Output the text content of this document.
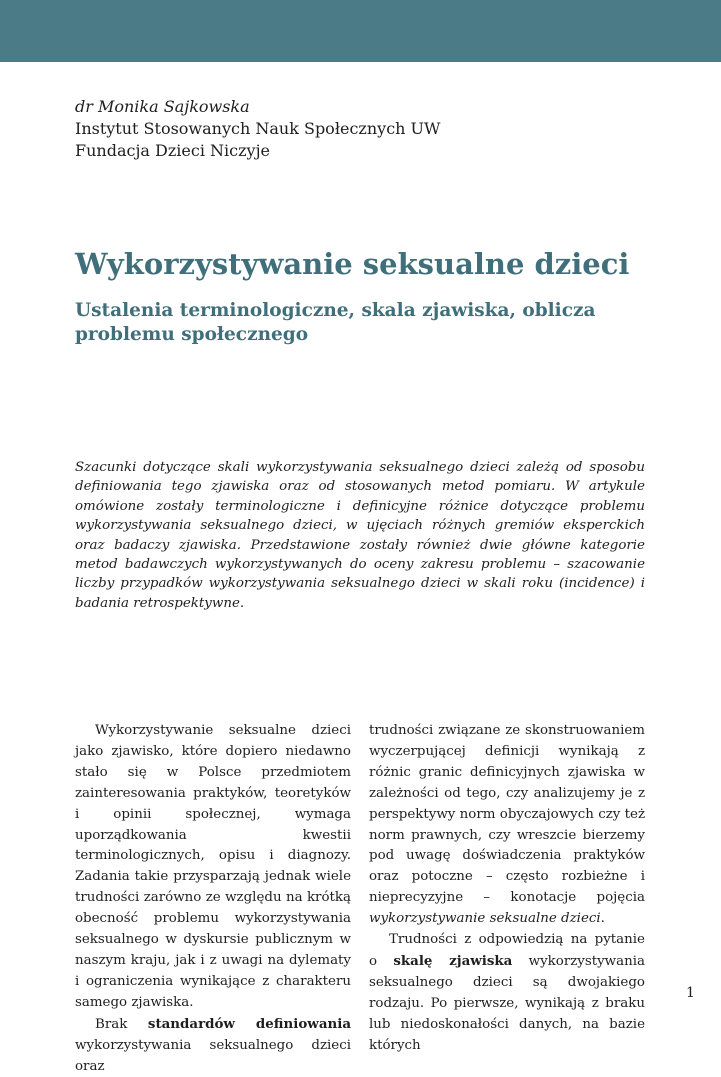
dr Monika Sajkowska
Instytut Stosowanych Nauk Społecznych UW
Fundacja Dzieci Niczyje
Wykorzystywanie seksualne dzieci
Ustalenia terminologiczne, skala zjawiska, oblicza problemu społecznego

Szacunki dotyczące skali wykorzystywania seksualnego dzieci zależą od sposobu definiowania tego zjawiska oraz od stosowanych metod pomiaru. W artykule omówione zostały terminologiczne i definicyjne różnice dotyczące problemu wykorzystywania seksualnego dzieci, w ujęciach różnych gremiów eksperckich oraz badaczy zjawiska. Przedstawione zostały również dwie główne kategorie metod badawczych wykorzystywanych do oceny zakresu problemu – szacowanie liczby przypadków wykorzystywania seksualnego dzieci w skali roku (incidence) i badania retrospektywne.

Wykorzystywanie seksualne dzieci jako zjawisko, które dopiero niedawno stało się w Polsce przedmiotem zainteresowania praktyków, teoretyków i opinii społecznej, wymaga uporządkowania kwestii terminologicznych, opisu i diagnozy. Zadania takie przysparzają jednak wiele trudności zarówno ze względu na krótką obecność problemu wykorzystywania seksualnego w dyskursie publicznym w naszym kraju, jak i z uwagi na dylematy i ograniczenia wynikające z charakteru samego zjawiska.

Brak standardów definiowania wykorzystywania seksualnego dzieci oraz

trudności związane ze skonstruowaniem wyczerpującej definicji wynikają z różnic granic definicyjnych zjawiska w zależności od tego, czy analizujemy je z perspektywy norm obyczajowych czy też norm prawnych, czy wreszcie bierzemy pod uwagę doświadczenia praktyków oraz potoczne – często rozbieżne i nieprecyzyjne – konotacje pojęcia wykorzystywanie seksualne dzieci.

Trudności z odpowiedzią na pytanie o skalę zjawiska wykorzystywania seksualnego dzieci są dwojakiego rodzaju. Po pierwsze, wynikają z braku lub niedoskonałości danych, na bazie których

1
